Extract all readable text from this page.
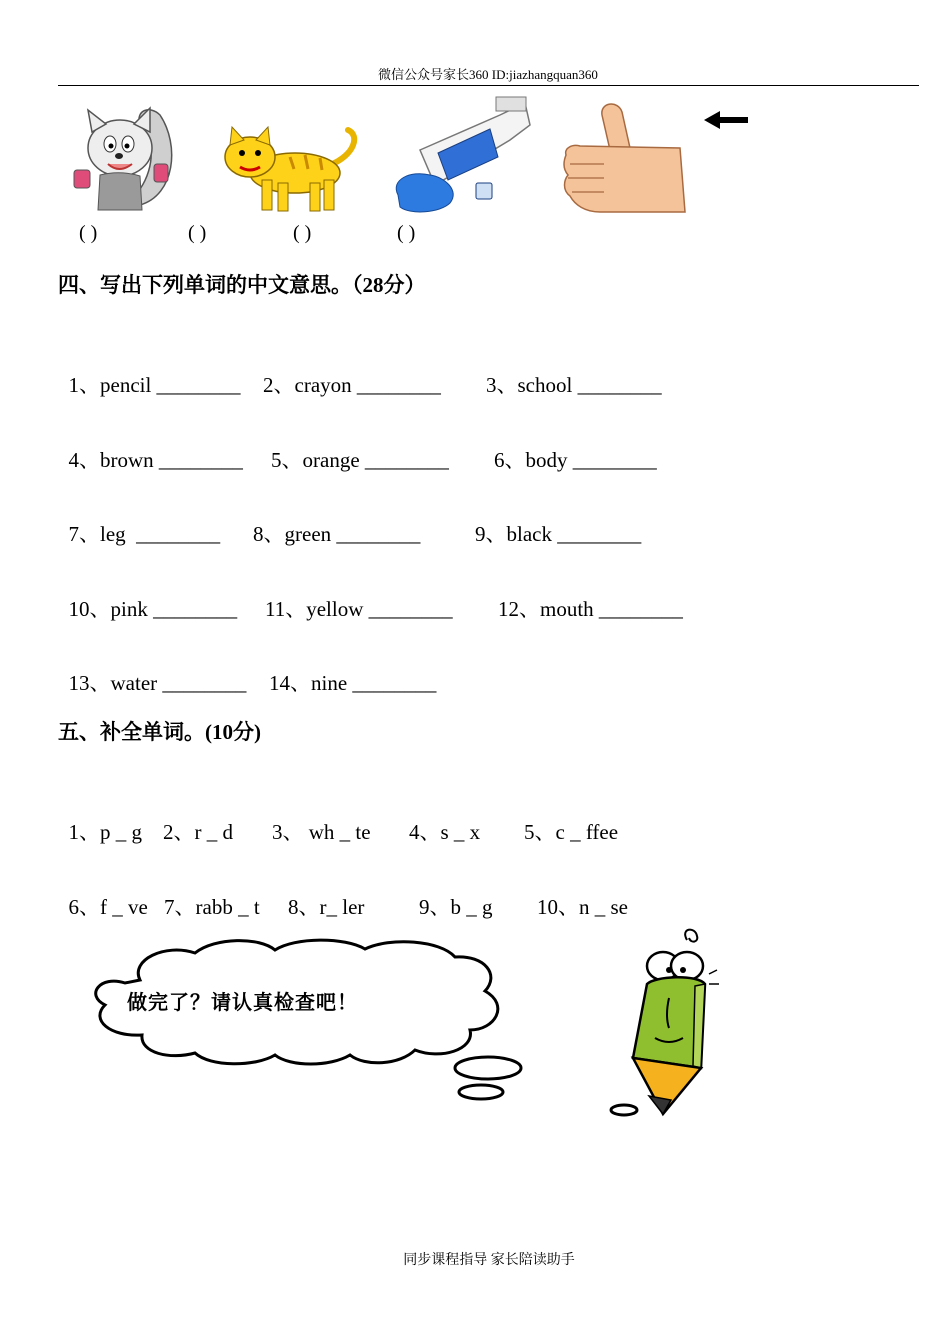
微信公众号家长360 ID:jiazhangquan360
( )	( )	( )	( )
四、写出下列单词的中文意思。（28分）

1、pencil ________ 2、crayon ________ 3、school ________

4、brown ________ 5、orange ________ 6、body ________

7、leg  ________ 8、green ________	9、black ________

10、pink ________ 11、yellow ________ 12、mouth ________

13、water ________ 14、nine ________

五、补全单词。(10分)

1、p _ g 2、r _ d 3、 wh _ te 4、s _ x 5、c _ ffee

6、f _ ve 7、rabb _ t 8、r_ ler	9、b _ g 10、n _ se

做完了？请认真检查吧！
同步课程指导 家长陪读助手
